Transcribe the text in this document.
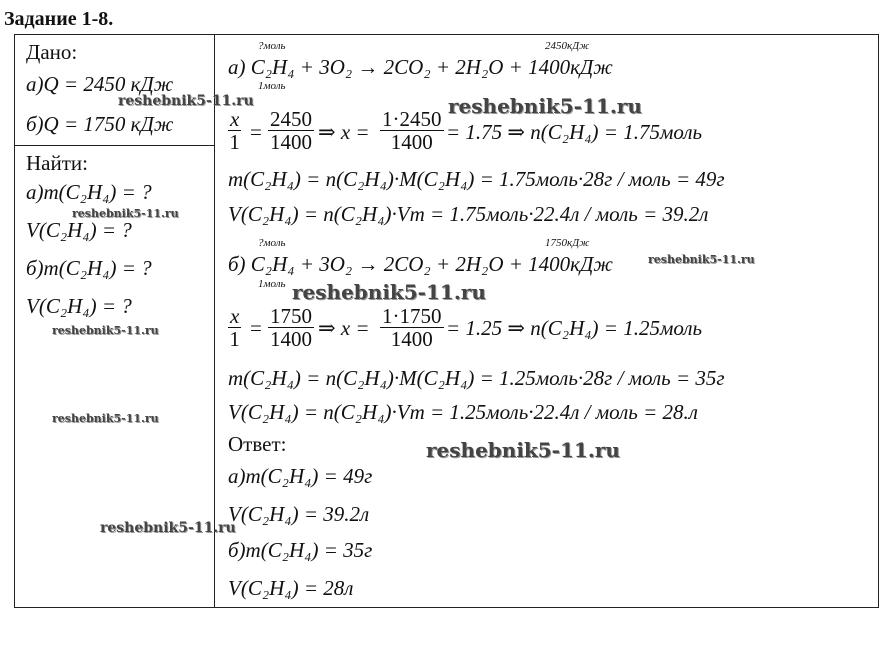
Задание 1-8.
Дано:
а)Q = 2450 кДж
б)Q = 1750 кДж
Найти:
а)m(C₂H₄) = ?
V(C₂H₄) = ?
б)m(C₂H₄) = ?
V(C₂H₄) = ?
?моль	2450кДж
а) C₂H₄ + 3O₂ → 2CO₂ + 2H₂O + 1400кДж
1моль
x
1 =
2450
1400 ⇒ x =
1·2450
1400 = 1.75 ⇒ n(C₂H₄) = 1.75моль
m(C₂H₄) = n(C₂H₄)·M(C₂H₄) = 1.75моль·28г / моль = 49г
V(C₂H₄) = n(C₂H₄)·Vm = 1.75моль·22.4л / моль = 39.2л
?моль	1750кДж
б) C₂H₄ + 3O₂ → 2CO₂ + 2H₂O + 1400кДж
1моль
x
1 = 1750
1400 ⇒ x = 1·1750
1400 = 1.25 ⇒ n(C₂H₄) = 1.25моль
m(C₂H₄) = n(C₂H₄)·M(C₂H₄) = 1.25моль·28г / моль = 35г
V(C₂H₄) = n(C₂H₄)·Vm = 1.25моль·22.4л / моль = 28.л
Ответ:
а)m(C₂H₄) = 49г
V(C₂H₄) = 39.2л
б)m(C₂H₄) = 35г
V(C₂H₄) = 28л
reshebnik5-11.ru	reshebnik5-11.ru
reshebnik5-11.ru
reshebnik5-11.ru
reshebnik5-11.ru
reshebnik5-11.ru
reshebnik5-11.ru
reshebnik5-11.ru
reshebnik5-11.ru
